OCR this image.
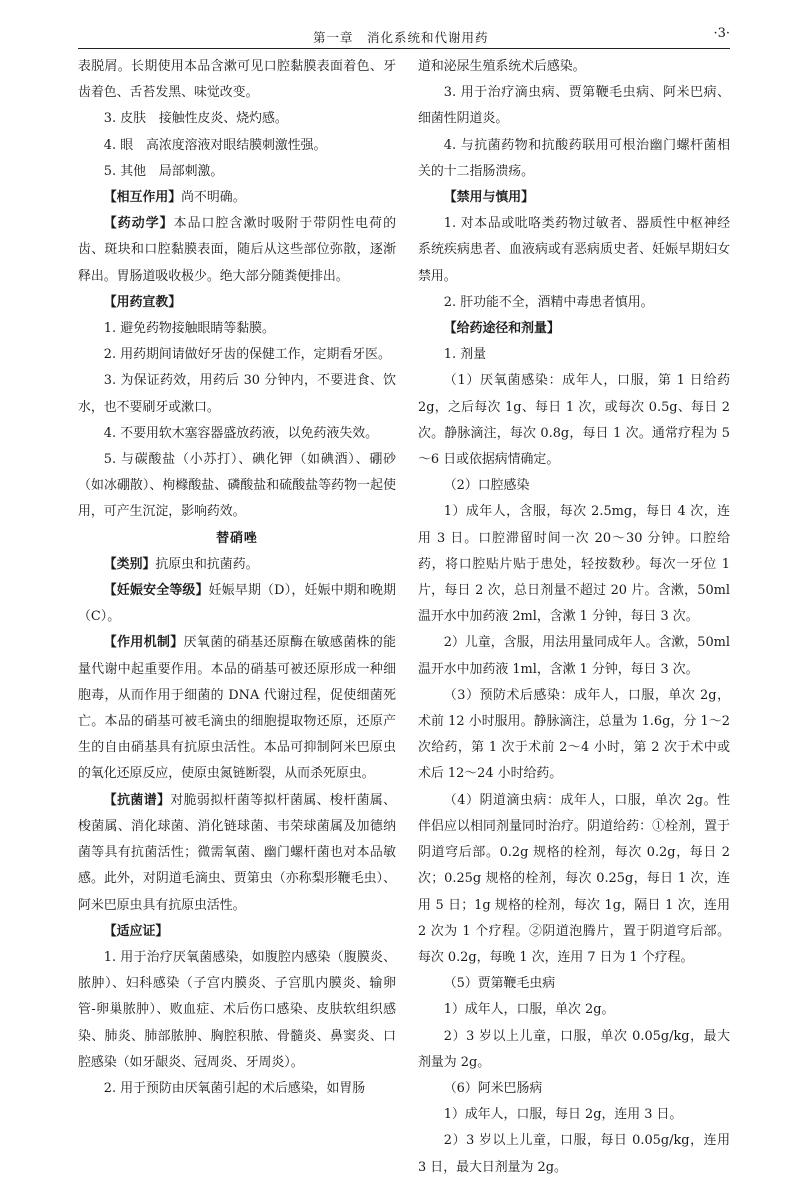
第一章　消化系统和代谢用药	·3·

表脱屑。长期使用本品含漱可见口腔黏膜表面着色、牙齿着色、舌苔发黑、味觉改变。

3. 皮肤　接触性皮炎、烧灼感。

4. 眼　高浓度溶液对眼结膜刺激性强。

5. 其他　局部刺激。

【相互作用】尚不明确。

【药动学】本品口腔含漱时吸附于带阴性电荷的齿、斑块和口腔黏膜表面，随后从这些部位弥散，逐渐释出。胃肠道吸收极少。绝大部分随粪便排出。

【用药宣教】

1. 避免药物接触眼睛等黏膜。

2. 用药期间请做好牙齿的保健工作，定期看牙医。

3. 为保证药效，用药后 30 分钟内，不要进食、饮水，也不要刷牙或漱口。

4. 不要用软木塞容器盛放药液，以免药液失效。

5. 与碳酸盐（小苏打）、碘化钾（如碘酒）、硼砂（如冰硼散）、枸橼酸盐、磷酸盐和硫酸盐等药物一起使用，可产生沉淀，影响药效。

替硝唑

【类别】抗原虫和抗菌药。

【妊娠安全等级】妊娠早期（D），妊娠中期和晚期（C）。

【作用机制】厌氧菌的硝基还原酶在敏感菌株的能量代谢中起重要作用。本品的硝基可被还原形成一种细胞毒，从而作用于细菌的 DNA 代谢过程，促使细菌死亡。本品的硝基可被毛滴虫的细胞提取物还原，还原产生的自由硝基具有抗原虫活性。本品可抑制阿米巴原虫的氧化还原反应，使原虫氮链断裂，从而杀死原虫。

【抗菌谱】对脆弱拟杆菌等拟杆菌属、梭杆菌属、梭菌属、消化球菌、消化链球菌、韦荣球菌属及加德纳菌等具有抗菌活性；微需氧菌、幽门螺杆菌也对本品敏感。此外，对阴道毛滴虫、贾第虫（亦称梨形鞭毛虫）、阿米巴原虫具有抗原虫活性。

【适应证】

1. 用于治疗厌氧菌感染，如腹腔内感染（腹膜炎、脓肿）、妇科感染（子宫内膜炎、子宫肌内膜炎、输卵管-卵巢脓肿）、败血症、术后伤口感染、皮肤软组织感染、肺炎、肺部脓肿、胸腔积脓、骨髓炎、鼻窦炎、口腔感染（如牙龈炎、冠周炎、牙周炎）。

2. 用于预防由厌氧菌引起的术后感染，如胃肠

道和泌尿生殖系统术后感染。

3. 用于治疗滴虫病、贾第鞭毛虫病、阿米巴病、细菌性阴道炎。

4. 与抗菌药物和抗酸药联用可根治幽门螺杆菌相关的十二指肠溃疡。

【禁用与慎用】

1. 对本品或吡咯类药物过敏者、器质性中枢神经系统疾病患者、血液病或有恶病质史者、妊娠早期妇女禁用。

2. 肝功能不全，酒精中毒患者慎用。

【给药途径和剂量】

1. 剂量

（1）厌氧菌感染：成年人，口服，第 1 日给药 2g，之后每次 1g、每日 1 次，或每次 0.5g、每日 2 次。静脉滴注，每次 0.8g，每日 1 次。通常疗程为 5～6 日或依据病情确定。

（2）口腔感染

1）成年人，含服，每次 2.5mg，每日 4 次，连用 3 日。口腔滞留时间一次 20～30 分钟。口腔给药，将口腔贴片贴于患处，轻按数秒。每次一牙位 1 片，每日 2 次，总日剂量不超过 20 片。含漱，50ml 温开水中加药液 2ml，含漱 1 分钟，每日 3 次。

2）儿童，含服，用法用量同成年人。含漱，50ml 温开水中加药液 1ml，含漱 1 分钟，每日 3 次。

（3）预防术后感染：成年人，口服，单次 2g，术前 12 小时服用。静脉滴注，总量为 1.6g，分 1～2 次给药，第 1 次于术前 2～4 小时，第 2 次于术中或术后 12～24 小时给药。

（4）阴道滴虫病：成年人，口服，单次 2g。性伴侣应以相同剂量同时治疗。阴道给药：①栓剂，置于阴道穹后部。0.2g 规格的栓剂，每次 0.2g，每日 2 次；0.25g 规格的栓剂，每次 0.25g，每日 1 次，连用 5 日；1g 规格的栓剂，每次 1g，隔日 1 次，连用 2 次为 1 个疗程。②阴道泡腾片，置于阴道穹后部。每次 0.2g，每晚 1 次，连用 7 日为 1 个疗程。

（5）贾第鞭毛虫病

1）成年人，口服，单次 2g。

2）3 岁以上儿童，口服，单次 0.05g/kg，最大剂量为 2g。

（6）阿米巴肠病

1）成年人，口服，每日 2g，连用 3 日。

2）3 岁以上儿童，口服，每日 0.05g/kg，连用 3 日，最大日剂量为 2g。
